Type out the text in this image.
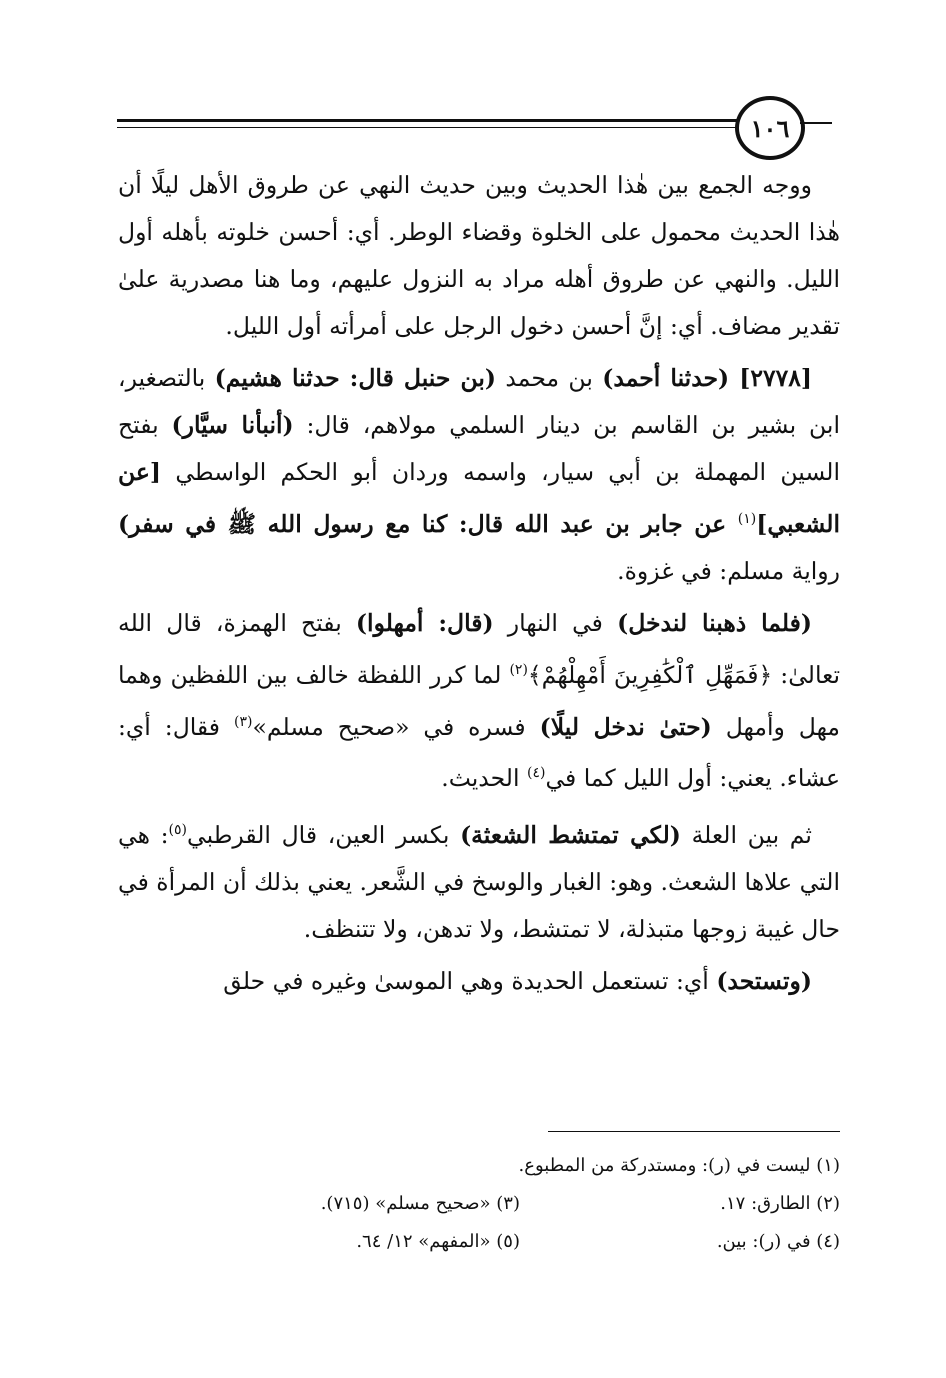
١٠٦

ووجه الجمع بين هٰذا الحديث وبين حديث النهي عن طروق الأهل ليلًا أن هٰذا الحديث محمول على الخلوة وقضاء الوطر. أي: أحسن خلوته بأهله أول الليل. والنهي عن طروق أهله مراد به النزول عليهم، وما هنا مصدرية علىٰ تقدير مضاف. أي: إنَّ أحسن دخول الرجل على أمرأته أول الليل.

[٢٧٧٨] (حدثنا أحمد) بن محمد (بن حنبل قال: حدثنا هشيم) بالتصغير، ابن بشير بن القاسم بن دينار السلمي مولاهم، قال: (أنبأنا سيَّار) بفتح السين المهملة بن أبي سيار، واسمه وردان أبو الحكم الواسطي [عن الشعبي]$^{(١)}$ عن جابر بن عبد الله قال: كنا مع رسول الله ﷺ في سفر) رواية مسلم: في غزوة.

(فلما ذهبنا لندخل) في النهار (قال: أمهلوا) بفتح الهمزة، قال الله تعالىٰ: ﴿فَمَهِّلِ ٱلْكَٰفِرِينَ أَمْهِلْهُمْ﴾$^{(٢)}$ لما كرر اللفظة خالف بين اللفظين وهما مهل وأمهل (حتىٰ ندخل ليلًا) فسره في «صحيح مسلم»$^{(٣)}$ فقال: أي: عشاء. يعني: أول الليل كما في$^{(٤)}$ الحديث.

ثم بين العلة (لكي تمتشط الشعثة) بكسر العين، قال القرطبي$^{(٥)}$: هي التي علاها الشعث. وهو: الغبار والوسخ في الشَّعر. يعني بذلك أن المرأة في حال غيبة زوجها متبذلة، لا تمتشط، ولا تدهن، ولا تتنظف.

(وتستحد) أي: تستعمل الحديدة وهي الموسىٰ وغيره في حلق

(١) ليست في (ر): ومستدركة من المطبوع.
(٢) الطارق: ١٧.
(٣) «صحيح مسلم» (٧١٥).
(٤) في (ر): بين.
(٥) «المفهم» ١٢/ ٦٤.
